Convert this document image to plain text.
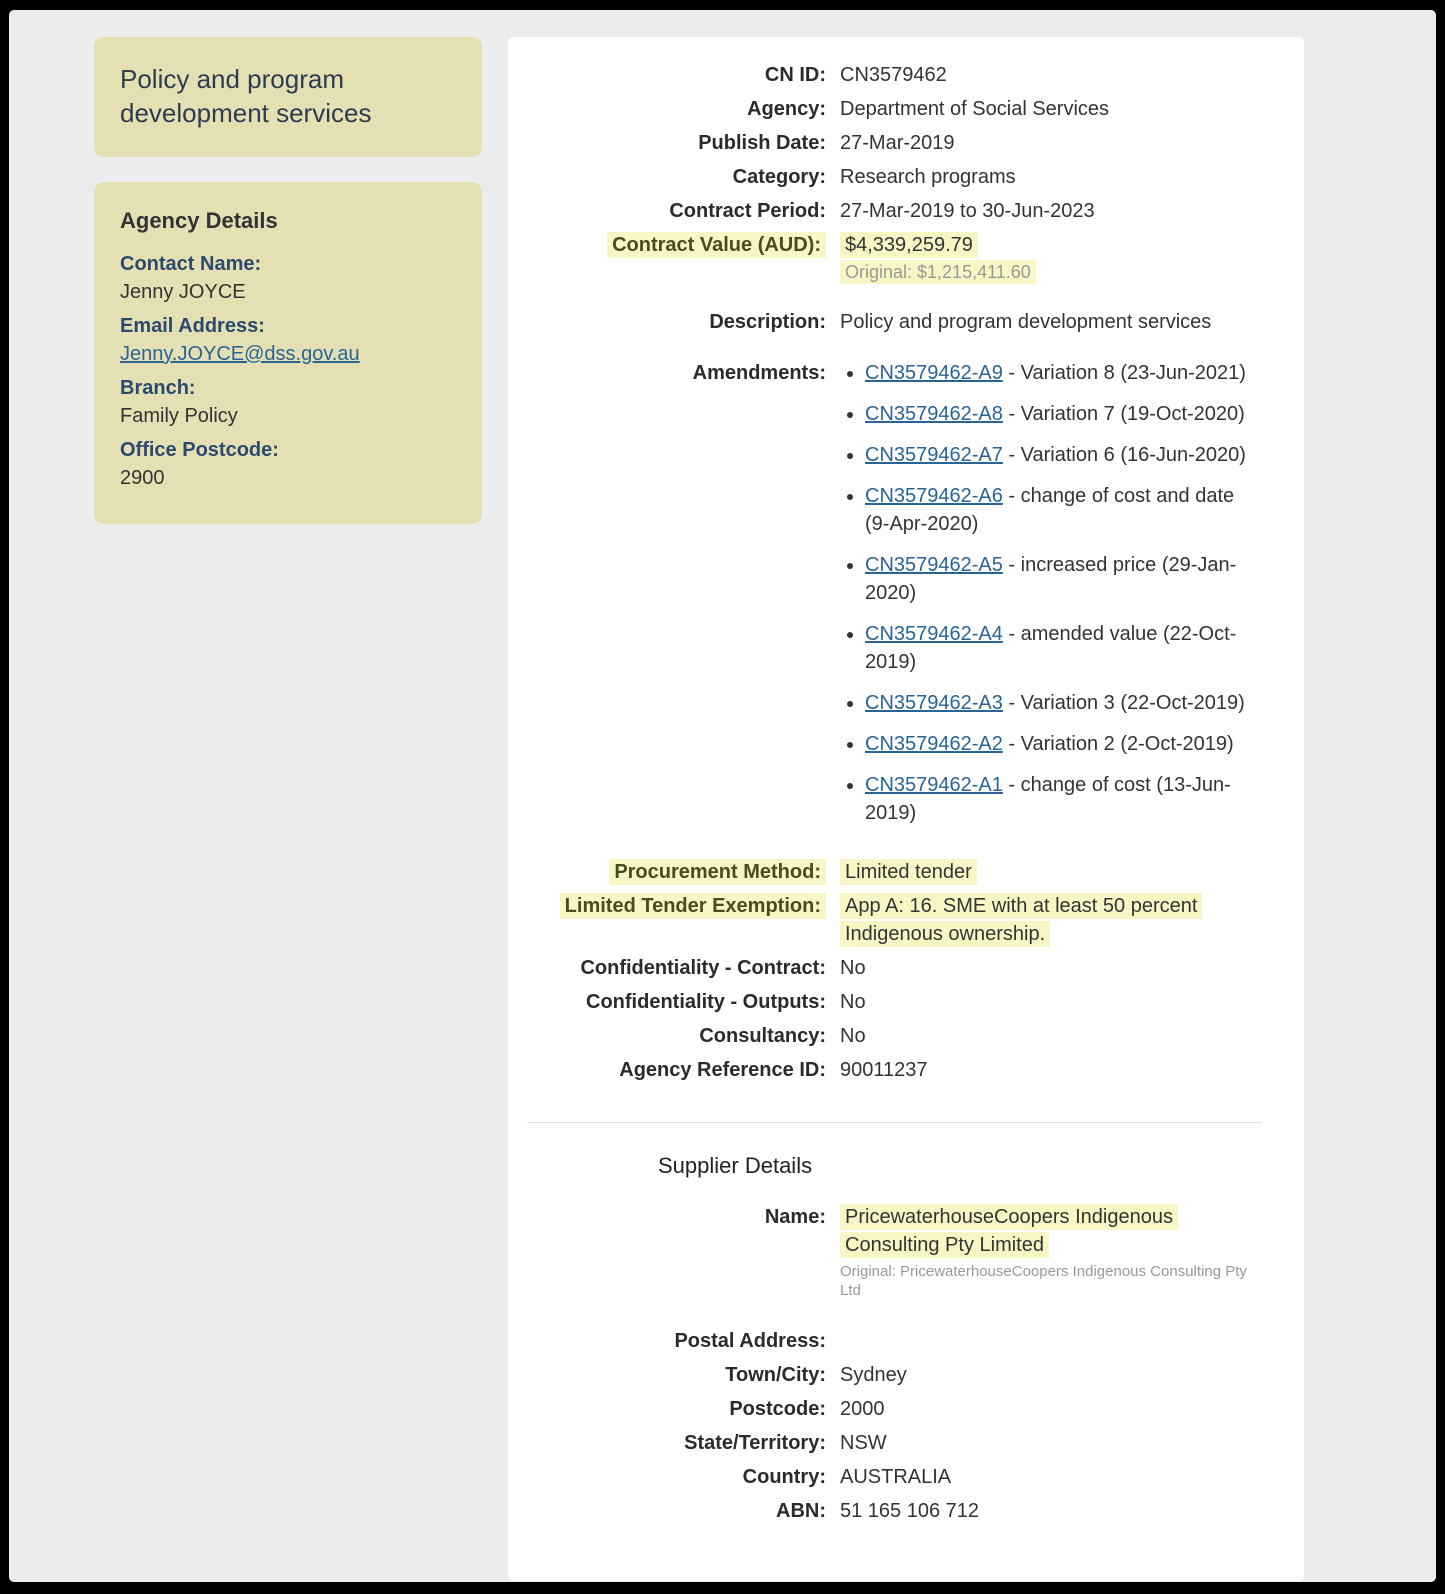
Policy and program development services
Agency Details
Contact Name:
Jenny JOYCE
Email Address:
Jenny.JOYCE@dss.gov.au
Branch:
Family Policy
Office Postcode:
2900
CN ID: CN3579462
Agency: Department of Social Services
Publish Date: 27-Mar-2019
Category: Research programs
Contract Period: 27-Mar-2019 to 30-Jun-2023
Contract Value (AUD): $4,339,259.79
Original: $1,215,411.60
Description: Policy and program development services
Amendments: • CN3579462-A9 - Variation 8 (23-Jun-2021)
• CN3579462-A8 - Variation 7 (19-Oct-2020)
• CN3579462-A7 - Variation 6 (16-Jun-2020)
• CN3579462-A6 - change of cost and date (9-Apr-2020)
• CN3579462-A5 - increased price (29-Jan-2020)
• CN3579462-A4 - amended value (22-Oct-2019)
• CN3579462-A3 - Variation 3 (22-Oct-2019)
• CN3579462-A2 - Variation 2 (2-Oct-2019)
• CN3579462-A1 - change of cost (13-Jun-2019)
Procurement Method: Limited tender
Limited Tender Exemption: App A: 16. SME with at least 50 percent Indigenous ownership.
Confidentiality - Contract: No
Confidentiality - Outputs: No
Consultancy: No
Agency Reference ID: 90011237
Supplier Details
Name: PricewaterhouseCoopers Indigenous Consulting Pty Limited
Original: PricewaterhouseCoopers Indigenous Consulting Pty Ltd
Postal Address:
Town/City: Sydney
Postcode: 2000
State/Territory: NSW
Country: AUSTRALIA
ABN: 51 165 106 712
